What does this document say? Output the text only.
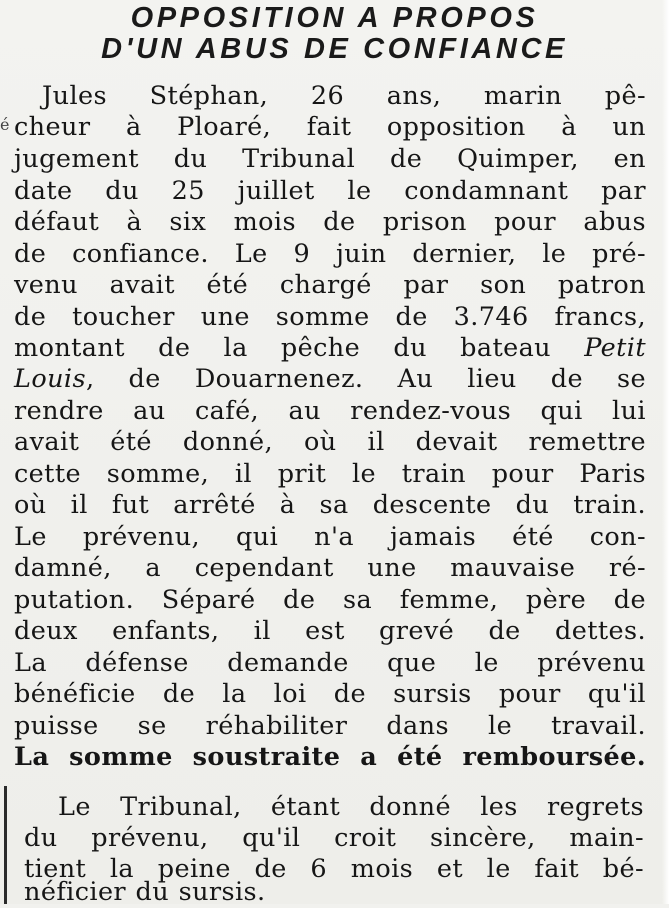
OPPOSITION A PROPOS
D'UN ABUS DE CONFIANCE
é
Jules Stéphan, 26 ans, marin pê-
cheur à Ploaré, fait opposition à un
jugement du Tribunal de Quimper, en
date du 25 juillet le condamnant par
défaut à six mois de prison pour abus
de confiance. Le 9 juin dernier, le pré-
venu avait été chargé par son patron
de toucher une somme de 3.746 francs,
montant de la pêche du bateau Petit
Louis, de Douarnenez. Au lieu de se
rendre au café, au rendez-vous qui lui
avait été donné, où il devait remettre
cette somme, il prit le train pour Paris
où il fut arrêté à sa descente du train.
Le prévenu, qui n'a jamais été con-
damné, a cependant une mauvaise ré-
putation. Séparé de sa femme, père de
deux enfants, il est grevé de dettes.
La défense demande que le prévenu
bénéficie de la loi de sursis pour qu'il
puisse se réhabiliter dans le travail.
La somme soustraite a été remboursée.
Le Tribunal, étant donné les regrets
du prévenu, qu'il croit sincère, main-
tient la peine de 6 mois et le fait bé-
néficier du sursis.
